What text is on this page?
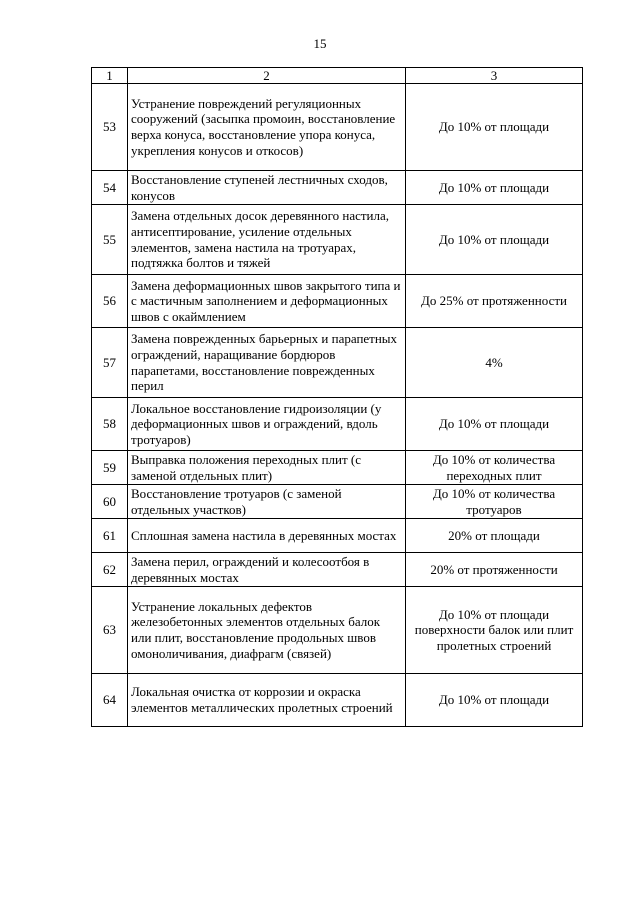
15
1	2	3
53	Устранение повреждений регуляционных сооружений (засыпка промоин, восстановление верха конуса, восстановление упора конуса, укрепления конусов и откосов)	До 10% от площади
54	Восстановление ступеней лестничных сходов, конусов	До 10% от площади
55	Замена отдельных досок деревянного настила, антисептирование, усиление отдельных элементов, замена настила на тротуарах, подтяжка болтов и тяжей	До 10% от площади
56	Замена деформационных швов закрытого типа и с мастичным заполнением и деформационных швов с окаймлением	До 25% от протяженности
57	Замена поврежденных барьерных и парапетных ограждений, наращивание бордюров парапетами, восстановление поврежденных перил	4%
58	Локальное восстановление гидроизоляции (у деформационных швов и ограждений, вдоль тротуаров)	До 10% от площади
59	Выправка положения переходных плит (с заменой отдельных плит)	До 10% от количества переходных плит
60	Восстановление тротуаров (с заменой отдельных участков)	До 10% от количества тротуаров
61	Сплошная замена настила в деревянных мостах	20% от площади
62	Замена перил, ограждений и колесоотбоя в деревянных мостах	20% от протяженности
63	Устранение локальных дефектов железобетонных элементов отдельных балок или плит, восстановление продольных швов омоноличивания, диафрагм (связей)	До 10% от площади поверхности балок или плит пролетных строений
64	Локальная очистка от коррозии и окраска элементов металлических пролетных строений	До 10% от площади
